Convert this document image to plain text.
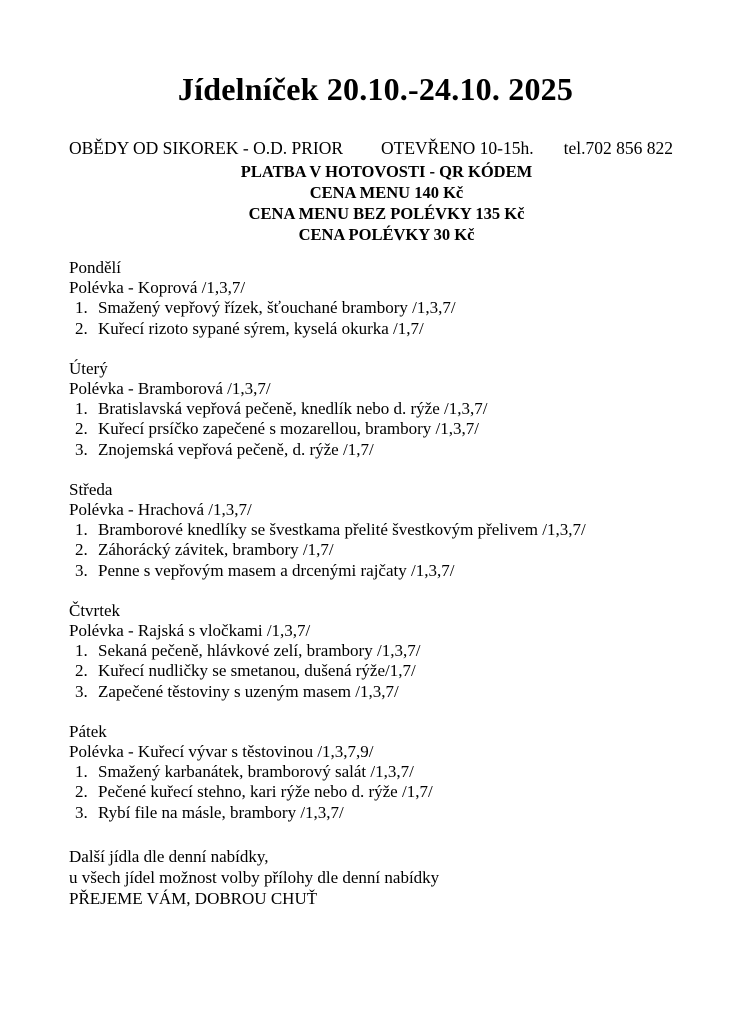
Jídelníček 20.10.-24.10. 2025
OBĚDY OD SIKOREK - O.D. PRIOR OTEVŘENO 10-15h. tel.702 856 822
PLATBA V HOTOVOSTI - QR KÓDEM
CENA MENU 140 Kč
CENA MENU BEZ POLÉVKY 135 Kč
CENA POLÉVKY 30 Kč
Pondělí
Polévka - Koprová /1,3,7/
1. Smažený vepřový řízek, šťouchané brambory /1,3,7/
2. Kuřecí rizoto sypané sýrem, kyselá okurka /1,7/
Úterý
Polévka - Bramborová /1,3,7/
1. Bratislavská vepřová pečeně, knedlík nebo d. rýže /1,3,7/
2. Kuřecí prsíčko zapečené s mozarellou, brambory /1,3,7/
3. Znojemská vepřová pečeně, d. rýže /1,7/
Středa
Polévka - Hrachová /1,3,7/
1. Bramborové knedlíky se švestkama přelité švestkovým přelivem /1,3,7/
2. Záhorácký závitek, brambory /1,7/
3. Penne s vepřovým masem a drcenými rajčaty /1,3,7/
Čtvrtek
Polévka - Rajská s vločkami /1,3,7/
1. Sekaná pečeně, hlávkové zelí, brambory /1,3,7/
2. Kuřecí nudličky se smetanou, dušená rýže/1,7/
3. Zapečené těstoviny s uzeným masem /1,3,7/
Pátek
Polévka - Kuřecí vývar s těstovinou /1,3,7,9/
1. Smažený karbanátek, bramborový salát /1,3,7/
2. Pečené kuřecí stehno, kari rýže nebo d. rýže /1,7/
3. Rybí file na másle, brambory /1,3,7/
Další jídla dle denní nabídky,
u všech jídel možnost volby přílohy dle denní nabídky
PŘEJEME VÁM, DOBROU CHUŤ
